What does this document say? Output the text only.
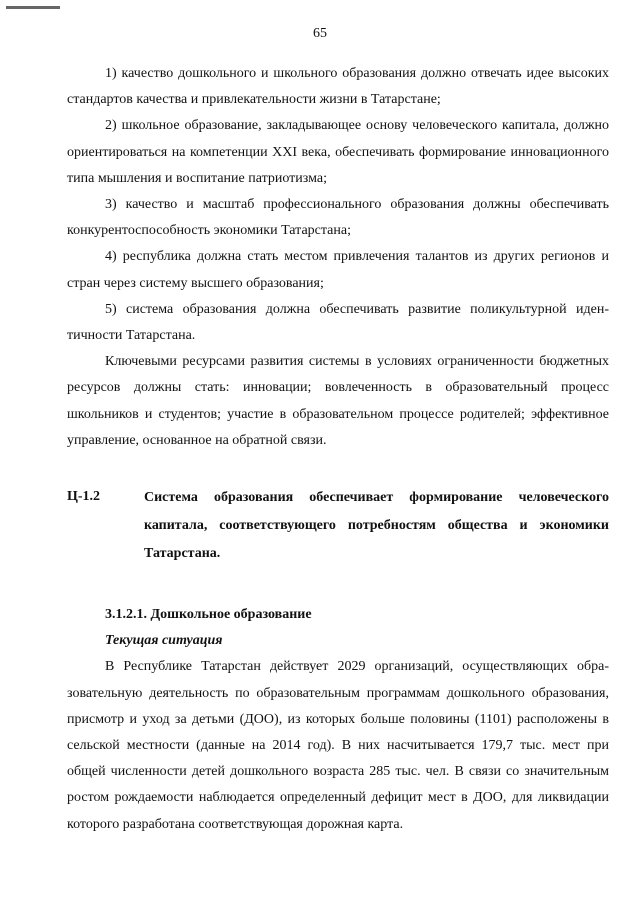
65

1) качество дошкольного и школьного образования должно отвечать идее высоких стандартов качества и привлекательности жизни в Татарстане;

2) школьное образование, закладывающее основу человеческого капитала, должно ориентироваться на компетенции XXI века, обеспечивать формирование инновационного типа мышления и воспитание патриотизма;

3) качество и масштаб профессионального образования должны обеспечивать конкурентоспособность экономики Татарстана;

4) республика должна стать местом привлечения талантов из других регионов и стран через систему высшего образования;

5) система образования должна обеспечивать развитие поликультурной идентичности Татарстана.

Ключевыми ресурсами развития системы в условиях ограниченности бюджетных ресурсов должны стать: инновации; вовлеченность в образовательный процесс школьников и студентов; участие в образовательном процессе родителей; эффективное управление, основанное на обратной связи.

Ц-1.2	Система образования обеспечивает формирование человеческого капитала, соответствующего потребностям общества и экономики Татарстана.

3.1.2.1. Дошкольное образование

Текущая ситуация

В Республике Татарстан действует 2029 организаций, осуществляющих образовательную деятельность по образовательным программам дошкольного образования, присмотр и уход за детьми (ДОО), из которых больше половины (1101) расположены в сельской местности (данные на 2014 год). В них насчитывается 179,7 тыс. мест при общей численности детей дошкольного возраста 285 тыс. чел. В связи со значительным ростом рождаемости наблюдается определенный дефицит мест в ДОО, для ликвидации которого разработана соответствующая дорожная карта.
